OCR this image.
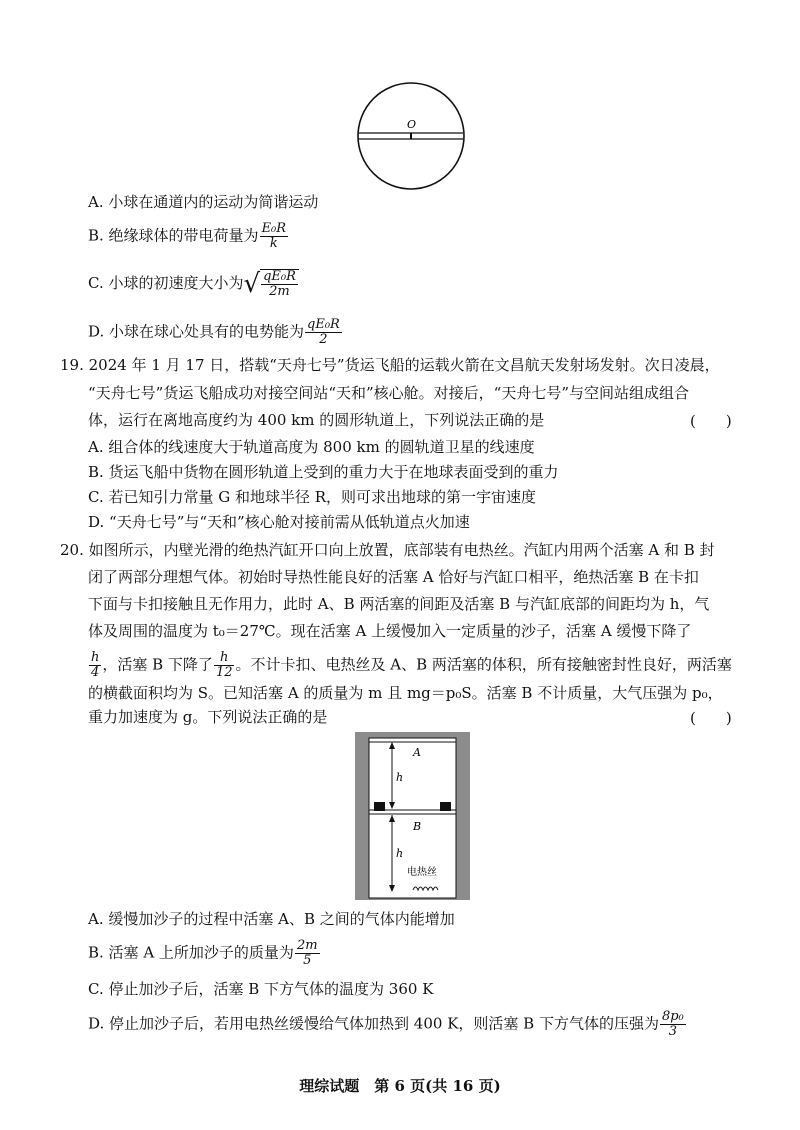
O
A. 小球在通道内的运动为简谐运动
B. 绝缘球体的带电荷量为 $\frac{\text{E₀R}}{k}$
C. 小球的初速度大小为√ $\frac{\text{qE₀R}}{2m}$
D. 小球在球心处具有的电势能为 $\frac{\text{qE₀R}}{2}$
19. 2024 年 1 月 17 日，搭载“天舟七号”货运飞船的运载火箭在文昌航天发射场发射。次日凌晨，
“天舟七号”货运飞船成功对接空间站“天和”核心舱。对接后，“天舟七号”与空间站组成组合
体，运行在离地高度约为 400 km 的圆形轨道上，下列说法正确的是	(　　)
A. 组合体的线速度大于轨道高度为 800 km 的圆轨道卫星的线速度
B. 货运飞船中货物在圆形轨道上受到的重力大于在地球表面受到的重力
C. 若已知引力常量 G 和地球半径 R，则可求出地球的第一宇宙速度
D. “天舟七号”与“天和”核心舱对接前需从低轨道点火加速
20. 如图所示，内壁光滑的绝热汽缸开口向上放置，底部装有电热丝。汽缸内用两个活塞 A 和 B 封
闭了两部分理想气体。初始时导热性能良好的活塞 A 恰好与汽缸口相平，绝热活塞 B 在卡扣
下面与卡扣接触且无作用力，此时 A、B 两活塞的间距及活塞 B 与汽缸底部的间距均为 h，气
体及周围的温度为 t₀＝27℃。现在活塞 A 上缓慢加入一定质量的沙子，活塞 A 缓慢下降了
$\frac{h}{4}$ ，活塞 B 下降了 $\frac{h}{12}$ 。不计卡扣、电热丝及 A、B 两活塞的体积，所有接触密封性良好，两活塞
的横截面积均为 S。已知活塞 A 的质量为 m 且 mg＝p₀S。活塞 B 不计质量，大气压强为 p₀，
重力加速度为 g。下列说法正确的是	(　　)
h
h
A
B
电热丝
A. 缓慢加沙子的过程中活塞 A、B 之间的气体内能增加
B. 活塞 A 上所加沙子的质量为 $\frac{2m}{5}$
C. 停止加沙子后，活塞 B 下方气体的温度为 360 K
D. 停止加沙子后，若用电热丝缓慢给气体加热到 400 K，则活塞 B 下方气体的压强为 $\frac{\text{8p₀}}{3}$
理综试题　第 6 页(共 16 页)
